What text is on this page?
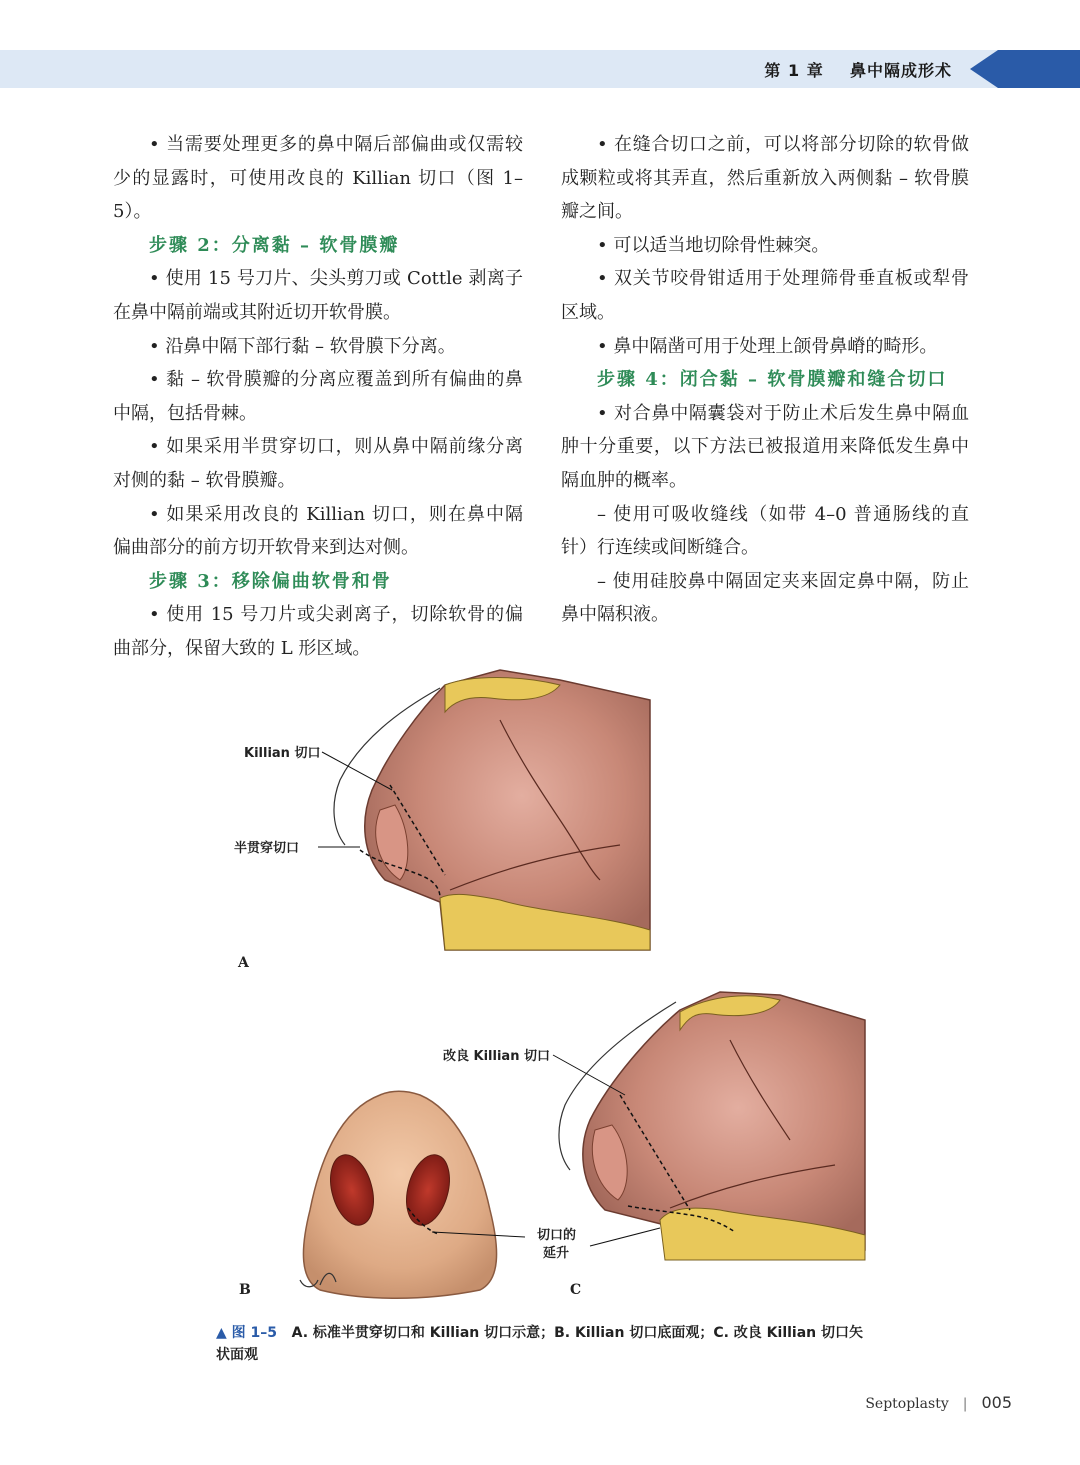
第 1 章 鼻中隔成形术

• 当需要处理更多的鼻中隔后部偏曲或仅需较少的显露时，可使用改良的 Killian 切口（图 1–5）。

步骤 2：分离黏 – 软骨膜瓣

• 使用 15 号刀片、尖头剪刀或 Cottle 剥离子在鼻中隔前端或其附近切开软骨膜。

• 沿鼻中隔下部行黏 – 软骨膜下分离。

• 黏 – 软骨膜瓣的分离应覆盖到所有偏曲的鼻中隔，包括骨棘。

• 如果采用半贯穿切口，则从鼻中隔前缘分离对侧的黏 – 软骨膜瓣。

• 如果采用改良的 Killian 切口，则在鼻中隔偏曲部分的前方切开软骨来到达对侧。

步骤 3：移除偏曲软骨和骨

• 使用 15 号刀片或尖剥离子，切除软骨的偏曲部分，保留大致的 L 形区域。

• 在缝合切口之前，可以将部分切除的软骨做成颗粒或将其弄直，然后重新放入两侧黏 – 软骨膜瓣之间。

• 可以适当地切除骨性棘突。

• 双关节咬骨钳适用于处理筛骨垂直板或犁骨区域。

• 鼻中隔凿可用于处理上颌骨鼻嵴的畸形。

步骤 4：闭合黏 – 软骨膜瓣和缝合切口

• 对合鼻中隔囊袋对于防止术后发生鼻中隔血肿十分重要，以下方法已被报道用来降低发生鼻中隔血肿的概率。

– 使用可吸收缝线（如带 4–0 普通肠线的直针）行连续或间断缝合。

– 使用硅胶鼻中隔固定夹来固定鼻中隔，防止鼻中隔积液。

Killian 切口
半贯穿切口
A
B
改良 Killian 切口
切口的
延升
C
▲ 图 1–5 A. 标准半贯穿切口和 Killian 切口示意；B. Killian 切口底面观；C. 改良 Killian 切口矢状面观
Septoplasty | 005
